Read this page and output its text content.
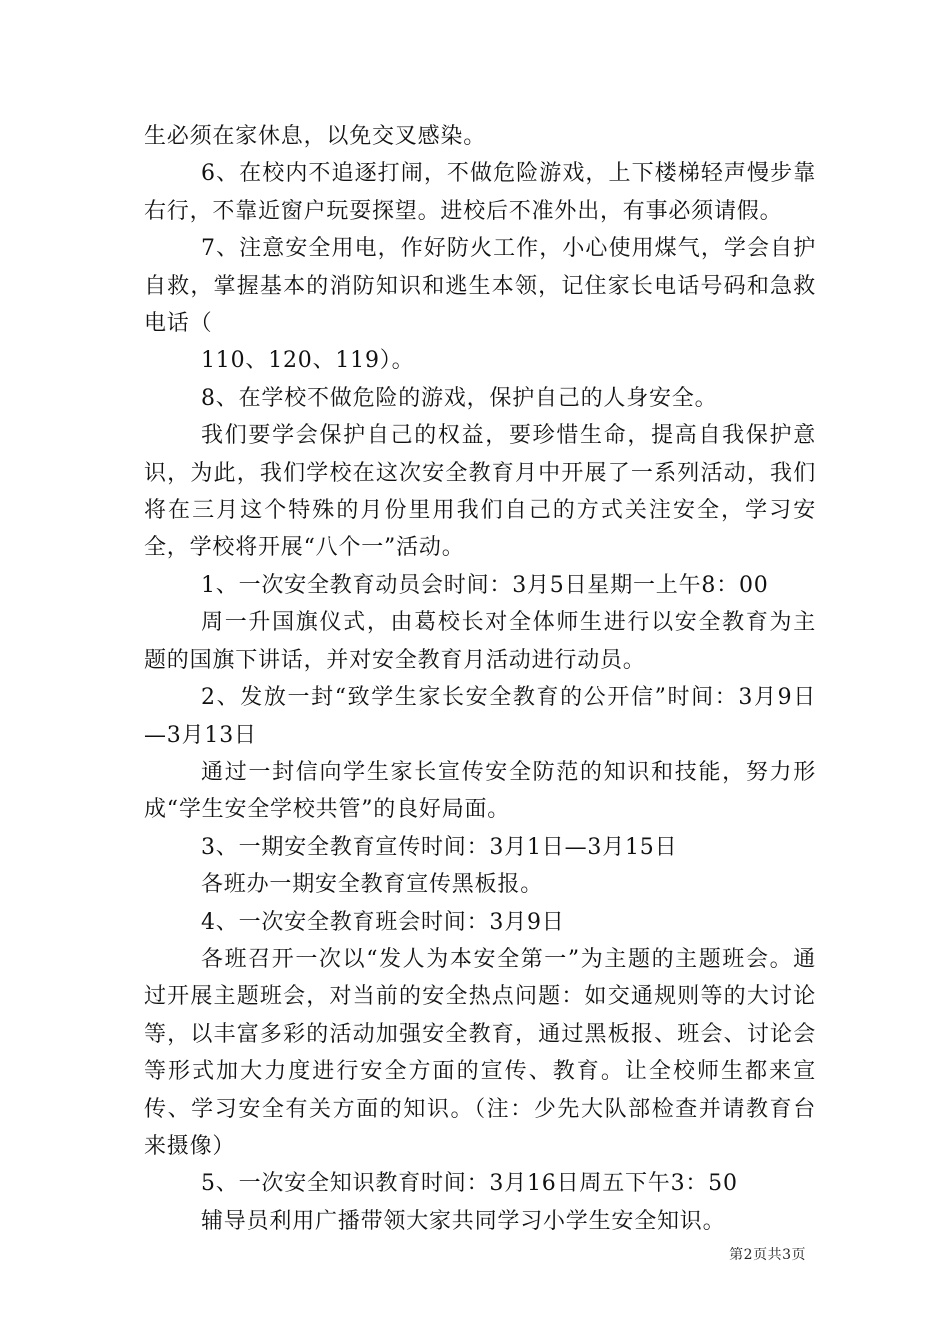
生必须在家休息，以免交叉感染。

6、在校内不追逐打闹，不做危险游戏，上下楼梯轻声慢步靠右行，不靠近窗户玩耍探望。进校后不准外出，有事必须请假。

7、注意安全用电，作好防火工作，小心使用煤气，学会自护自救，掌握基本的消防知识和逃生本领，记住家长电话号码和急救电话（

110、120、119）。

8、在学校不做危险的游戏，保护自己的人身安全。

我们要学会保护自己的权益，要珍惜生命，提高自我保护意识，为此，我们学校在这次安全教育月中开展了一系列活动，我们将在三月这个特殊的月份里用我们自己的方式关注安全，学习安全，学校将开展“八个一”活动。

1、一次安全教育动员会时间：3月5日星期一上午8：00

周一升国旗仪式，由葛校长对全体师生进行以安全教育为主题的国旗下讲话，并对安全教育月活动进行动员。

2、发放一封“致学生家长安全教育的公开信”时间：3月9日—3月13日

通过一封信向学生家长宣传安全防范的知识和技能，努力形成“学生安全学校共管”的良好局面。

3、一期安全教育宣传时间：3月1日—3月15日

各班办一期安全教育宣传黑板报。

4、一次安全教育班会时间：3月9日

各班召开一次以“发人为本安全第一”为主题的主题班会。通过开展主题班会，对当前的安全热点问题：如交通规则等的大讨论等，以丰富多彩的活动加强安全教育，通过黑板报、班会、讨论会等形式加大力度进行安全方面的宣传、教育。让全校师生都来宣传、学习安全有关方面的知识。（注：少先大队部检查并请教育台来摄像）

5、一次安全知识教育时间：3月16日周五下午3：50

辅导员利用广播带领大家共同学习小学生安全知识。

第2页共3页
